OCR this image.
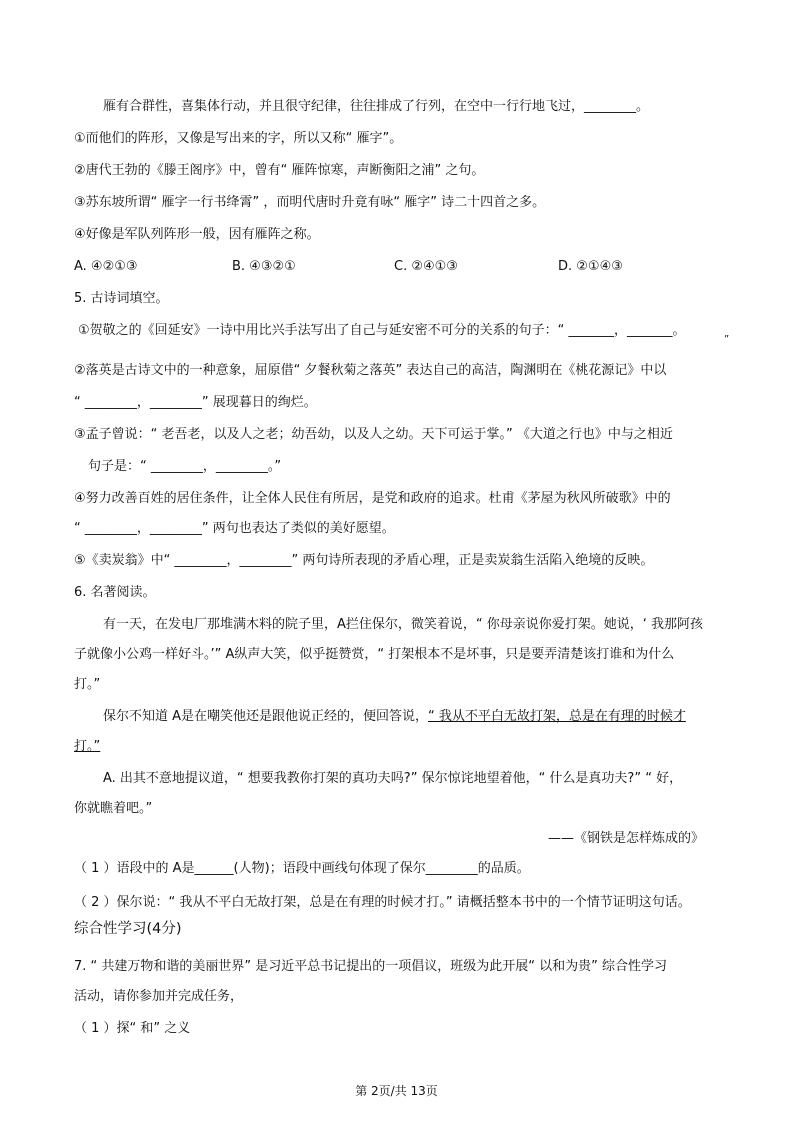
雁有合群性，喜集体行动，并且很守纪律，往往排成了行列，在空中一行行地飞过，________。
①而他们的阵形，又像是写出来的字，所以又称“ 雁字”。
②唐代王勃的《滕王阁序》中，曾有“ 雁阵惊寒，声断衡阳之浦” 之句。
③苏东坡所谓“ 雁字一行书绛霄” ，而明代唐时升竟有咏“ 雁字” 诗二十四首之多。
④好像是军队列阵形一般，因有雁阵之称。
A. ④②①③	B. ④③②①	C. ②④①③	D. ②①④③
5. 古诗词填空。
①贺敬之的《回延安》一诗中用比兴手法写出了自己与延安密不可分的关系的句子：“ _______，_______。
”
②落英是古诗文中的一种意象，屈原借“ 夕餐秋菊之落英” 表达自己的高洁，陶渊明在《桃花源记》中以
“ ________，________” 展现暮日的绚烂。
③孟子曾说：“ 老吾老，以及人之老；幼吾幼，以及人之幼。天下可运于掌。” 《大道之行也》中与之相近
句子是：“ ________，________。”
④努力改善百姓的居住条件，让全体人民住有所居，是党和政府的追求。杜甫《茅屋为秋风所破歌》中的
“ ________，________” 两句也表达了类似的美好愿望。
⑤《卖炭翁》中“ ________，________” 两句诗所表现的矛盾心理，正是卖炭翁生活陷入绝境的反映。
6. 名著阅读。
有一天，在发电厂那堆满木料的院子里，A拦住保尔，微笑着说，“ 你母亲说你爱打架。她说，‘ 我那阿孩
子就像小公鸡一样好斗。’” A纵声大笑，似乎挺赞赏，“ 打架根本不是坏事，只是要弄清楚该打谁和为什么
打。”
保尔不知道 A是在嘲笑他还是跟他说正经的，便回答说，“ 我从不平白无故打架，总是在有理的时候才
打。”
A. 出其不意地提议道，“ 想要我教你打架的真功夫吗?” 保尔惊诧地望着他，“ 什么是真功夫?” “ 好，
你就瞧着吧。”
——《钢铁是怎样炼成的》
（ 1 ）语段中的 A是______(人物)；语段中画线句体现了保尔________的品质。
（ 2 ）保尔说：“ 我从不平白无故打架，总是在有理的时候才打。” 请概括整本书中的一个情节证明这句话。
综合性学习(4分)
7. “ 共建万物和谐的美丽世界” 是习近平总书记提出的一项倡议，班级为此开展“ 以和为贵” 综合性学习
活动，请你参加并完成任务，
（ 1 ）探“ 和” 之义
第 2页/共 13页
